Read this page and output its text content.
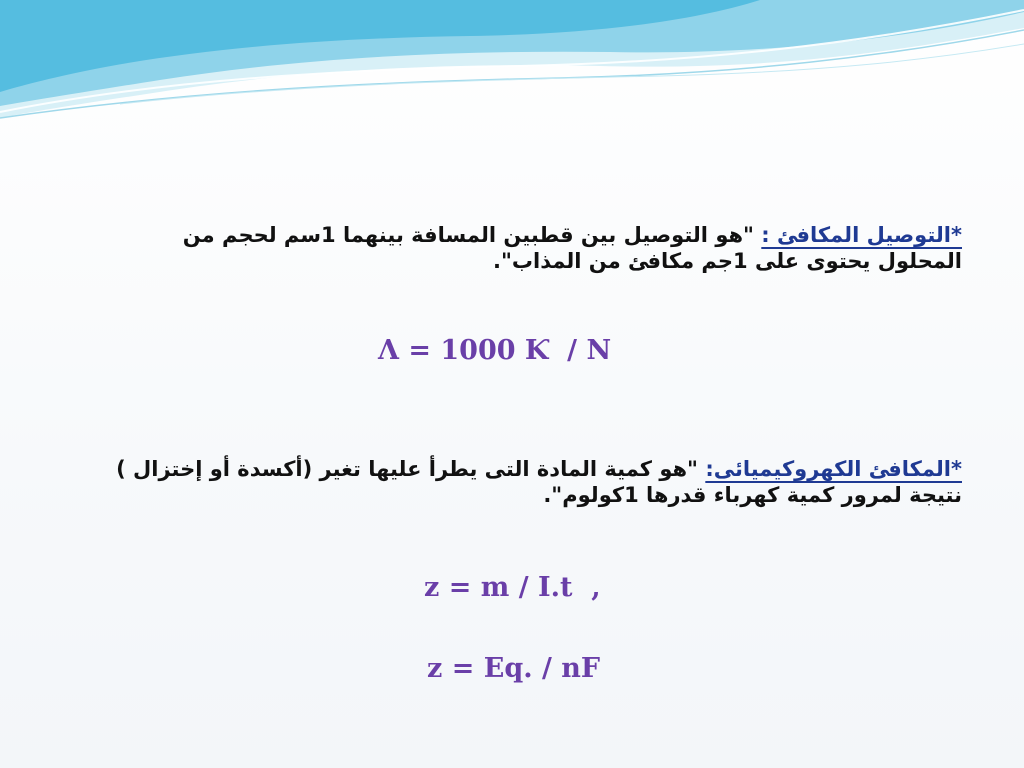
*التوصيل المكافئ : "هو التوصيل بين قطبين المسافة بينهما 1سم لحجم من المحلول يحتوى على 1جم مكافئ من المذاب".
Λ = 1000 Ƙ  / N
*المكافئ الكهروكيميائى: "هو كمية المادة التى يطرأ عليها تغير (أكسدة أو إختزال ) نتيجة لمرور كمية كهرباء قدرها 1كولوم".
z = m / I.t  ,
z = Eq. / nF
